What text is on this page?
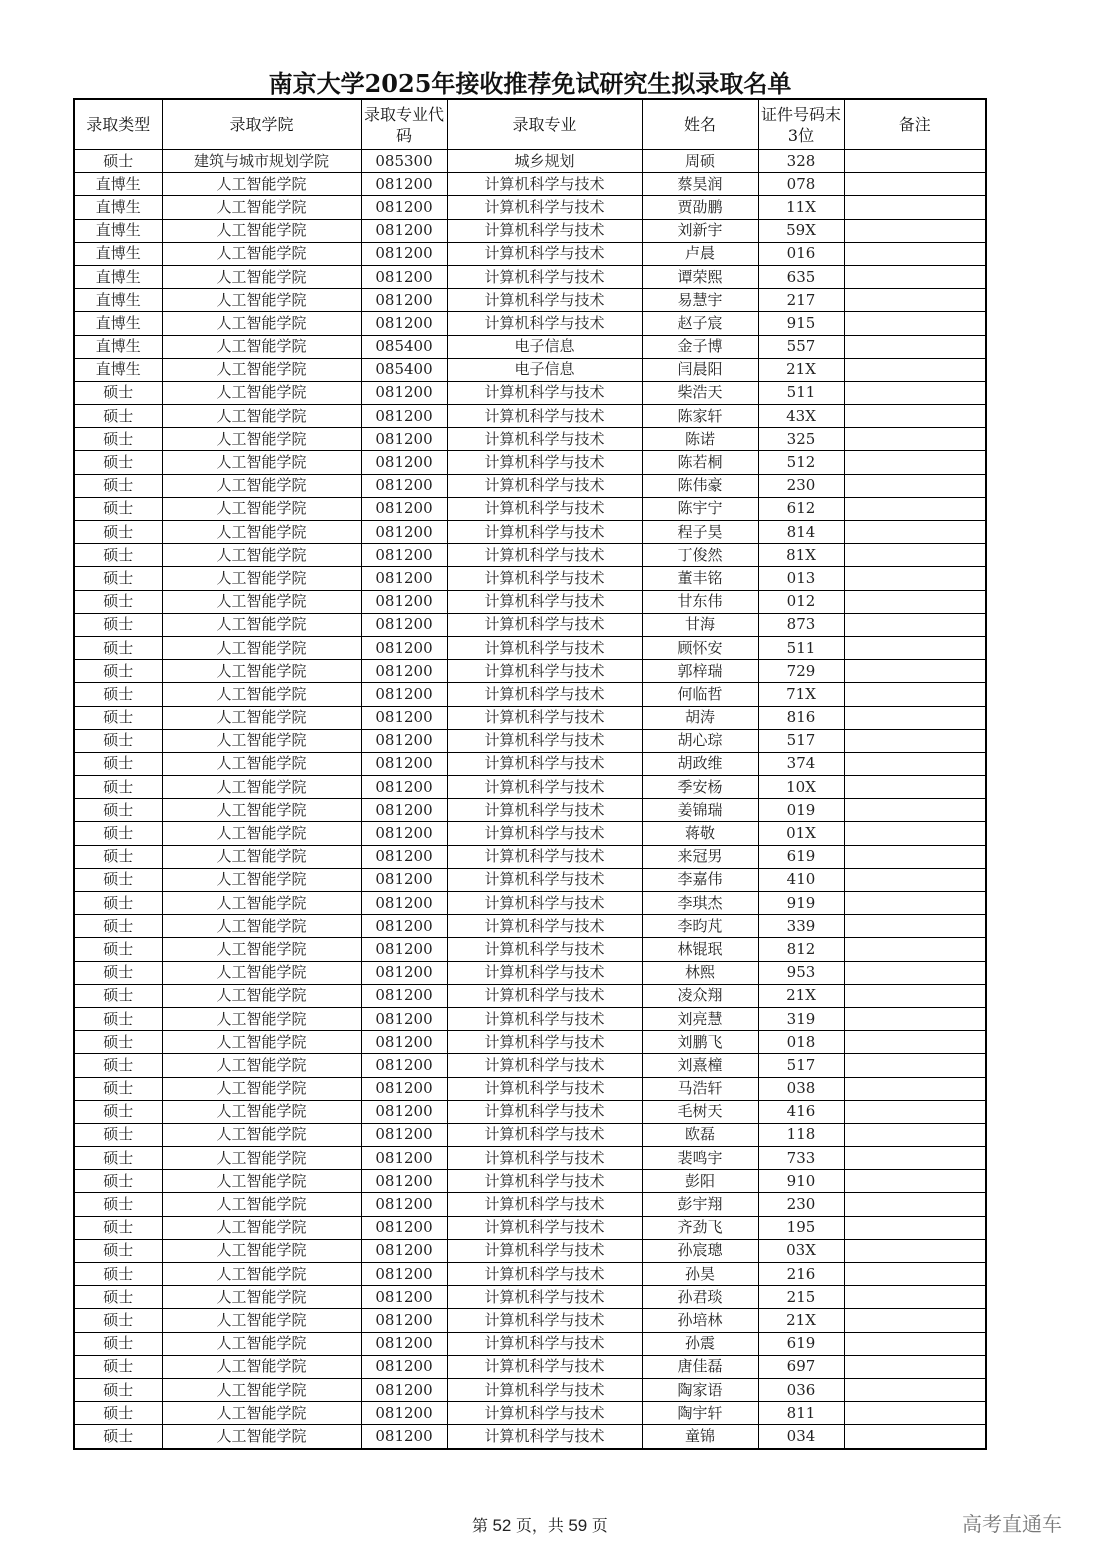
南京大学2025年接收推荐免试研究生拟录取名单
录取类型	录取学院	录取专业代码	录取专业	姓名	证件号码末3位	备注
硕士	建筑与城市规划学院	085300	城乡规划	周硕	328	
直博生	人工智能学院	081200	计算机科学与技术	蔡昊润	078	
直博生	人工智能学院	081200	计算机科学与技术	贾劭鹏	11X	
直博生	人工智能学院	081200	计算机科学与技术	刘新宇	59X	
直博生	人工智能学院	081200	计算机科学与技术	卢晨	016	
直博生	人工智能学院	081200	计算机科学与技术	谭荣熙	635	
直博生	人工智能学院	081200	计算机科学与技术	易慧宇	217	
直博生	人工智能学院	081200	计算机科学与技术	赵子宸	915	
直博生	人工智能学院	085400	电子信息	金子博	557	
直博生	人工智能学院	085400	电子信息	闫晨阳	21X	
硕士	人工智能学院	081200	计算机科学与技术	柴浩天	511	
硕士	人工智能学院	081200	计算机科学与技术	陈家轩	43X	
硕士	人工智能学院	081200	计算机科学与技术	陈诺	325	
硕士	人工智能学院	081200	计算机科学与技术	陈若桐	512	
硕士	人工智能学院	081200	计算机科学与技术	陈伟豪	230	
硕士	人工智能学院	081200	计算机科学与技术	陈宇宁	612	
硕士	人工智能学院	081200	计算机科学与技术	程子昊	814	
硕士	人工智能学院	081200	计算机科学与技术	丁俊然	81X	
硕士	人工智能学院	081200	计算机科学与技术	董丰铭	013	
硕士	人工智能学院	081200	计算机科学与技术	甘东伟	012	
硕士	人工智能学院	081200	计算机科学与技术	甘海	873	
硕士	人工智能学院	081200	计算机科学与技术	顾怀安	511	
硕士	人工智能学院	081200	计算机科学与技术	郭梓瑞	729	
硕士	人工智能学院	081200	计算机科学与技术	何临哲	71X	
硕士	人工智能学院	081200	计算机科学与技术	胡涛	816	
硕士	人工智能学院	081200	计算机科学与技术	胡心琮	517	
硕士	人工智能学院	081200	计算机科学与技术	胡政维	374	
硕士	人工智能学院	081200	计算机科学与技术	季安杨	10X	
硕士	人工智能学院	081200	计算机科学与技术	姜锦瑞	019	
硕士	人工智能学院	081200	计算机科学与技术	蒋敬	01X	
硕士	人工智能学院	081200	计算机科学与技术	来冠男	619	
硕士	人工智能学院	081200	计算机科学与技术	李嘉伟	410	
硕士	人工智能学院	081200	计算机科学与技术	李琪杰	919	
硕士	人工智能学院	081200	计算机科学与技术	李昀芃	339	
硕士	人工智能学院	081200	计算机科学与技术	林锟珉	812	
硕士	人工智能学院	081200	计算机科学与技术	林熙	953	
硕士	人工智能学院	081200	计算机科学与技术	凌众翔	21X	
硕士	人工智能学院	081200	计算机科学与技术	刘亮慧	319	
硕士	人工智能学院	081200	计算机科学与技术	刘鹏飞	018	
硕士	人工智能学院	081200	计算机科学与技术	刘熹橦	517	
硕士	人工智能学院	081200	计算机科学与技术	马浩轩	038	
硕士	人工智能学院	081200	计算机科学与技术	毛树天	416	
硕士	人工智能学院	081200	计算机科学与技术	欧磊	118	
硕士	人工智能学院	081200	计算机科学与技术	裴鸣宇	733	
硕士	人工智能学院	081200	计算机科学与技术	彭阳	910	
硕士	人工智能学院	081200	计算机科学与技术	彭宇翔	230	
硕士	人工智能学院	081200	计算机科学与技术	齐劲飞	195	
硕士	人工智能学院	081200	计算机科学与技术	孙宸璁	03X	
硕士	人工智能学院	081200	计算机科学与技术	孙昊	216	
硕士	人工智能学院	081200	计算机科学与技术	孙君琰	215	
硕士	人工智能学院	081200	计算机科学与技术	孙培林	21X	
硕士	人工智能学院	081200	计算机科学与技术	孙震	619	
硕士	人工智能学院	081200	计算机科学与技术	唐佳磊	697	
硕士	人工智能学院	081200	计算机科学与技术	陶家语	036	
硕士	人工智能学院	081200	计算机科学与技术	陶宇轩	811	
硕士	人工智能学院	081200	计算机科学与技术	童锦	034	
第 52 页，共 59 页	高考直通车
